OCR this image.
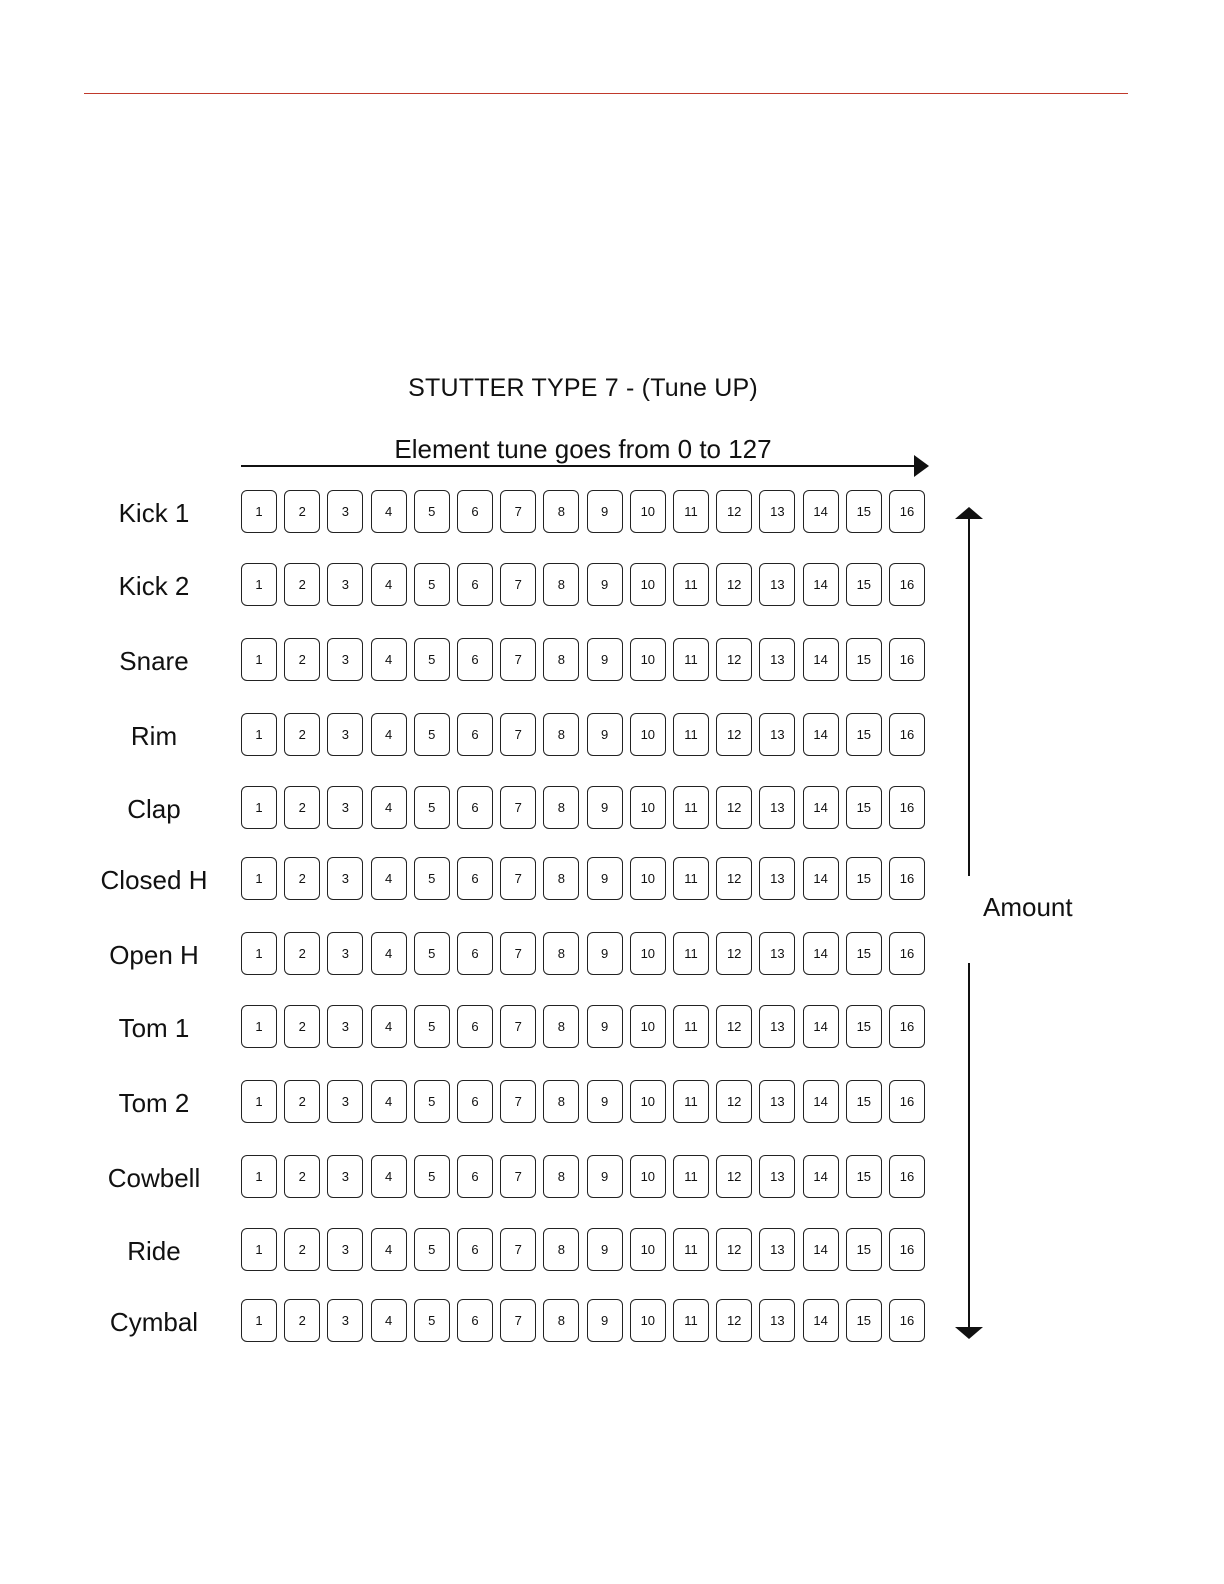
STUTTER TYPE 7 - (Tune UP)
Element tune goes from 0 to 127
Kick 1	1	2	3	4	5	6	7	8	9	10	11	12	13	14	15	16
Kick 2	1	2	3	4	5	6	7	8	9	10	11	12	13	14	15	16
Snare	1	2	3	4	5	6	7	8	9	10	11	12	13	14	15	16
Rim	1	2	3	4	5	6	7	8	9	10	11	12	13	14	15	16
Clap	1	2	3	4	5	6	7	8	9	10	11	12	13	14	15	16
Closed H	1	2	3	4	5	6	7	8	9	10	11	12	13	14	15	16
Open H	1	2	3	4	5	6	7	8	9	10	11	12	13	14	15	16
Tom 1	1	2	3	4	5	6	7	8	9	10	11	12	13	14	15	16
Tom 2	1	2	3	4	5	6	7	8	9	10	11	12	13	14	15	16
Cowbell	1	2	3	4	5	6	7	8	9	10	11	12	13	14	15	16
Ride	1	2	3	4	5	6	7	8	9	10	11	12	13	14	15	16
Cymbal	1	2	3	4	5	6	7	8	9	10	11	12	13	14	15	16
Amount
